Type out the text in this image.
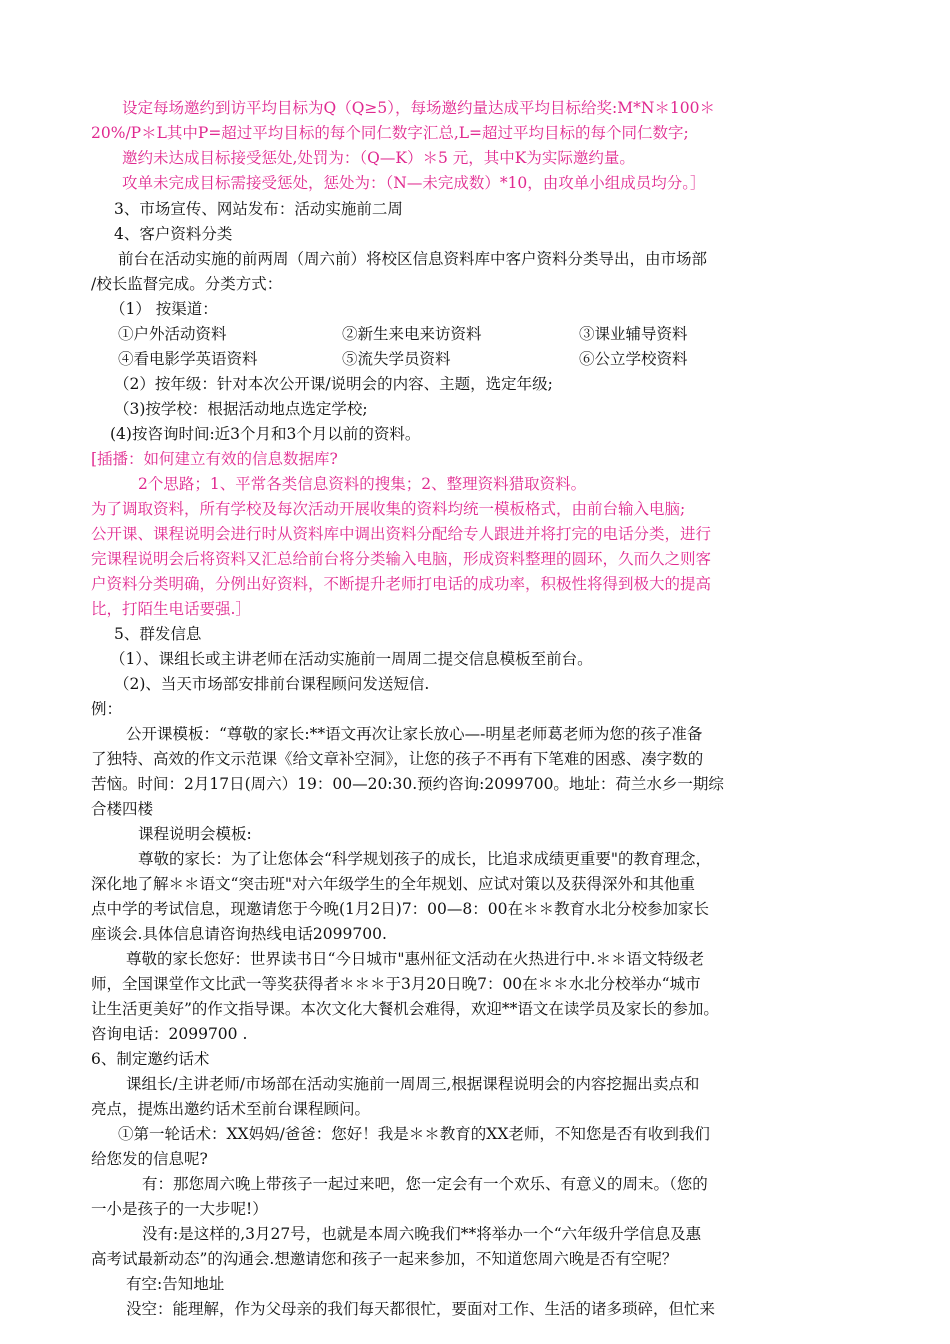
设定每场邀约到访平均目标为Q（Q≥5），每场邀约量达成平均目标给奖:M*N＊100＊
20%/P＊L其中P=超过平均目标的每个同仁数字汇总,L=超过平均目标的每个同仁数字;
邀约未达成目标接受惩处,处罚为：（Q—K）＊5 元，其中K为实际邀约量。
攻单未完成目标需接受惩处，惩处为：（N—未完成数）*10，由攻单小组成员均分。］
3、市场宣传、网站发布：活动实施前二周
4、客户资料分类
前台在活动实施的前两周（周六前）将校区信息资料库中客户资料分类导出，由市场部
/校长监督完成。分类方式：
（1） 按渠道：
①户外活动资料	②新生来电来访资料	③课业辅导资料
④看电影学英语资料	⑤流失学员资料	⑥公立学校资料
（2）按年级：针对本次公开课/说明会的内容、主题，选定年级;
（3)按学校：根据活动地点选定学校;
(4)按咨询时间:近3个月和3个月以前的资料。
[插播：如何建立有效的信息数据库?
2个思路；1、平常各类信息资料的搜集；2、整理资料猎取资料。
为了调取资料，所有学校及每次活动开展收集的资料均统一模板格式，由前台输入电脑;
公开课、课程说明会进行时从资料库中调出资料分配给专人跟进并将打完的电话分类，进行
完课程说明会后将资料又汇总给前台将分类输入电脑，形成资料整理的圆环，久而久之则客
户资料分类明确，分例出好资料，不断提升老师打电话的成功率，积极性将得到极大的提高
比，打陌生电话要强.］
5、群发信息
（1）、课组长或主讲老师在活动实施前一周周二提交信息模板至前台。
（2)、当天市场部安排前台课程顾问发送短信.
例：
公开课模板：“尊敬的家长:**语文再次让家长放心—-明星老师葛老师为您的孩子准备
了独特、高效的作文示范课《给文章补空洞》，让您的孩子不再有下笔难的困惑、凑字数的
苦恼。时间：2月17日(周六）19：00—20:30.预约咨询:2099700。地址：荷兰水乡一期综
合楼四楼
课程说明会模板:
尊敬的家长：为了让您体会“科学规划孩子的成长，比追求成绩更重要"的教育理念，
深化地了解＊＊语文“突击班"对六年级学生的全年规划、应试对策以及获得深外和其他重
点中学的考试信息，现邀请您于今晚(1月2日)7：00—8：00在＊＊教育水北分校参加家长
座谈会.具体信息请咨询热线电话2099700.
尊敬的家长您好：世界读书日“今日城市"惠州征文活动在火热进行中.＊＊语文特级老
师，全国课堂作文比武一等奖获得者＊＊＊于3月20日晚7：00在＊＊水北分校举办“城市
让生活更美好”的作文指导课。本次文化大餐机会难得，欢迎**语文在读学员及家长的参加。
咨询电话：2099700 .
6、制定邀约话术
课组长/主讲老师/市场部在活动实施前一周周三,根据课程说明会的内容挖掘出卖点和
亮点，提炼出邀约话术至前台课程顾问。
①第一轮话术：XX妈妈/爸爸：您好！我是＊＊教育的XX老师，不知您是否有收到我们
给您发的信息呢?
有：那您周六晚上带孩子一起过来吧，您一定会有一个欢乐、有意义的周末。（您的
一小是孩子的一大步呢!）
没有:是这样的,3月27号，也就是本周六晚我们**将举办一个“六年级升学信息及惠
高考试最新动态”的沟通会.想邀请您和孩子一起来参加，不知道您周六晚是否有空呢？
有空:告知地址
没空：能理解，作为父母亲的我们每天都很忙，要面对工作、生活的诸多琐碎，但忙来
